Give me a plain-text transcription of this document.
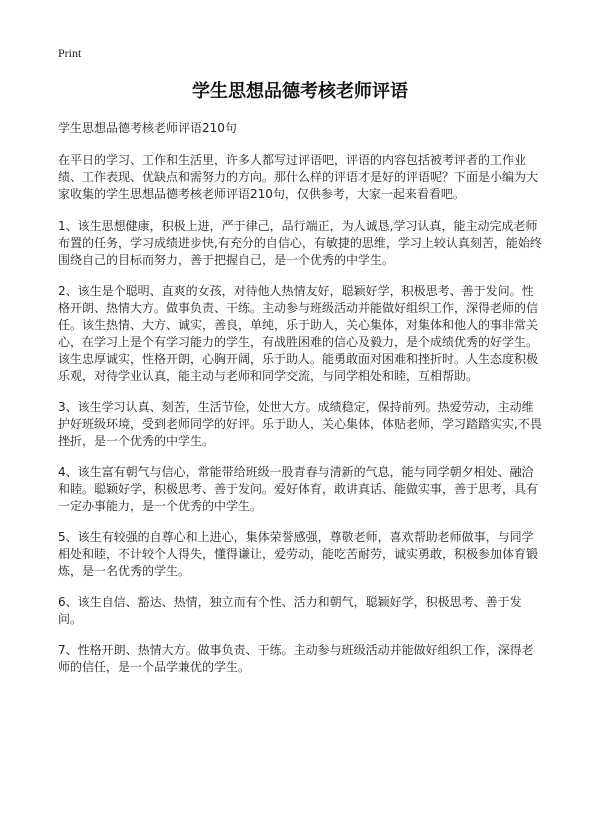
Print
学生思想品德考核老师评语
学生思想品德考核老师评语210句

在平日的学习、工作和生活里，许多人都写过评语吧，评语的内容包括被考评者的工作业绩、工作表现、优缺点和需努力的方向。那什么样的评语才是好的评语呢？下面是小编为大家收集的学生思想品德考核老师评语210句，仅供参考，大家一起来看看吧。

1、该生思想健康，积极上进，严于律己，品行端正，为人诚恳,学习认真，能主动完成老师布置的任务，学习成绩进步快,有充分的自信心，有敏捷的思维，学习上较认真刻苦，能始终围绕自己的目标而努力，善于把握自己，是一个优秀的中学生。

2、该生是个聪明、直爽的女孩，对待他人热情友好，聪颖好学，积极思考、善于发问。性格开朗、热情大方。做事负责、干练。主动参与班级活动并能做好组织工作，深得老师的信任。该生热情、大方、诚实，善良，单纯，乐于助人，关心集体，对集体和他人的事非常关心，在学习上是个有学习能力的学生，有战胜困难的信心及毅力，是个成绩优秀的好学生。该生忠厚诚实，性格开朗，心胸开阔，乐于助人。能勇敢面对困难和挫折时。人生态度积极乐观，对待学业认真，能主动与老师和同学交流，与同学相处和睦，互相帮助。

3、该生学习认真、刻苦，生活节俭，处世大方。成绩稳定，保持前列。热爱劳动，主动维护好班级环境，受到老师同学的好评。乐于助人，关心集体，体贴老师，学习踏踏实实,不畏挫折，是一个优秀的中学生。

4、该生富有朝气与信心，常能带给班级一股青春与清新的气息，能与同学朝夕相处、融洽和睦。聪颖好学，积极思考、善于发问。爱好体育，敢讲真话、能做实事，善于思考，具有一定办事能力，是一个优秀的中学生。

5、该生有较强的自尊心和上进心，集体荣誉感强，尊敬老师，喜欢帮助老师做事，与同学相处和睦，不计较个人得失，懂得谦让，爱劳动，能吃苦耐劳，诚实勇敢，积极参加体育锻炼，是一名优秀的学生。

6、该生自信、豁达、热情，独立而有个性、活力和朝气，聪颖好学，积极思考、善于发问。

7、性格开朗、热情大方。做事负责、干练。主动参与班级活动并能做好组织工作，深得老师的信任，是一个品学兼优的学生。
